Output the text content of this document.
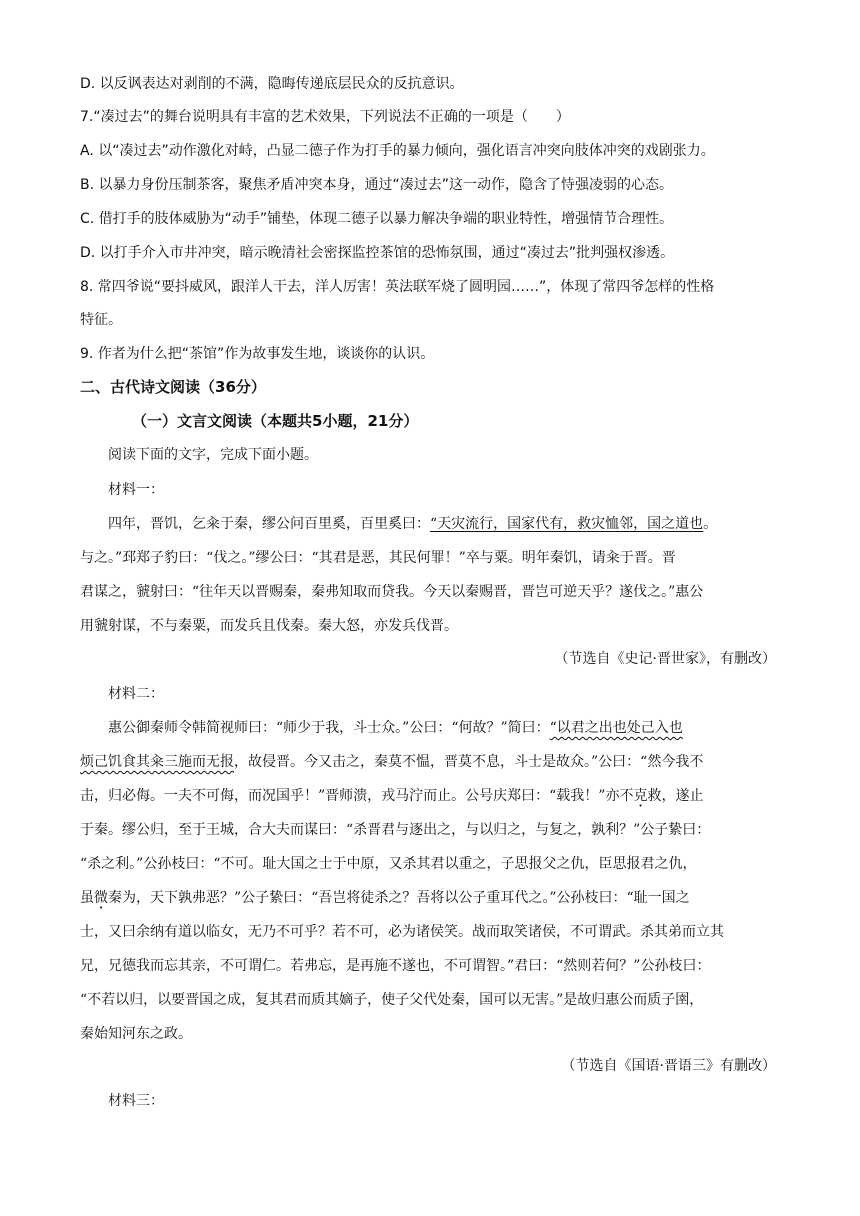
D. 以反讽表达对剥削的不满，隐晦传递底层民众的反抗意识。
7.“凑过去”的舞台说明具有丰富的艺术效果，下列说法不正确的一项是（　　）
A. 以“凑过去”动作激化对峙，凸显二德子作为打手的暴力倾向，强化语言冲突向肢体冲突的戏剧张力。
B. 以暴力身份压制茶客，聚焦矛盾冲突本身，通过“凑过去”这一动作，隐含了恃强凌弱的心态。
C. 借打手的肢体威胁为“动手”铺垫，体现二德子以暴力解决争端的职业特性，增强情节合理性。
D. 以打手介入市井冲突，暗示晚清社会密探监控茶馆的恐怖氛围，通过“凑过去”批判强权渗透。
8. 常四爷说“要抖威风，跟洋人干去，洋人厉害！英法联军烧了圆明园……”，体现了常四爷怎样的性格
特征。
9. 作者为什么把“茶馆”作为故事发生地，谈谈你的认识。
二、古代诗文阅读（36分）
（一）文言文阅读（本题共5小题，21分）
阅读下面的文字，完成下面小题。
材料一：
四年，晋饥，乞籴于秦，缪公问百里奚，百里奚曰：“天灾流行，国家代有，救灾恤邻，国之道也。
与之。”邳郑子豹曰：“伐之。”缪公曰：“其君是恶，其民何罪！”卒与粟。明年秦饥，请籴于晋。晋
君谋之，虢射曰：“往年天以晋赐秦，秦弗知取而贷我。今天以秦赐晋，晋岂可逆天乎？遂伐之。”惠公
用虢射谋，不与秦粟，而发兵且伐秦。秦大怒，亦发兵伐晋。
（节选自《史记·晋世家》，有删改）
材料二：
惠公御秦师令韩简视师曰：“师少于我，斗士众。”公曰：“何故？”简曰：“以君之出也处己入也
烦己饥食其籴三施而无报，故侵晋。今又击之，秦莫不愠，晋莫不息，斗士是故众。”公曰：“然今我不
击，归必侮。一夫不可侮，而况国乎！”晋师溃，戎马泞而止。公号庆郑曰：“载我！”亦不克救，遂止
于秦。缪公归，至于王城，合大夫而谋曰：“杀晋君与逐出之，与以归之，与复之，孰利？”公子絷曰：
“杀之利。”公孙枝曰：“不可。耻大国之士于中原，又杀其君以重之，子思报父之仇，臣思报君之仇，
虽微秦为，天下孰弗恶？”公子絷曰：“吾岂将徒杀之？吾将以公子重耳代之。”公孙枝曰：“耻一国之
士，又曰余纳有道以临女，无乃不可乎？若不可，必为诸侯笑。战而取笑诸侯，不可谓武。杀其弟而立其
兄，兄德我而忘其亲，不可谓仁。若弗忘，是再施不遂也，不可谓智。”君曰：“然则若何？”公孙枝曰：
“不若以归，以要晋国之成，复其君而质其嫡子，使子父代处秦，国可以无害。”是故归惠公而质子圉，
秦始知河东之政。
（节选自《国语·晋语三》有删改）
材料三：
